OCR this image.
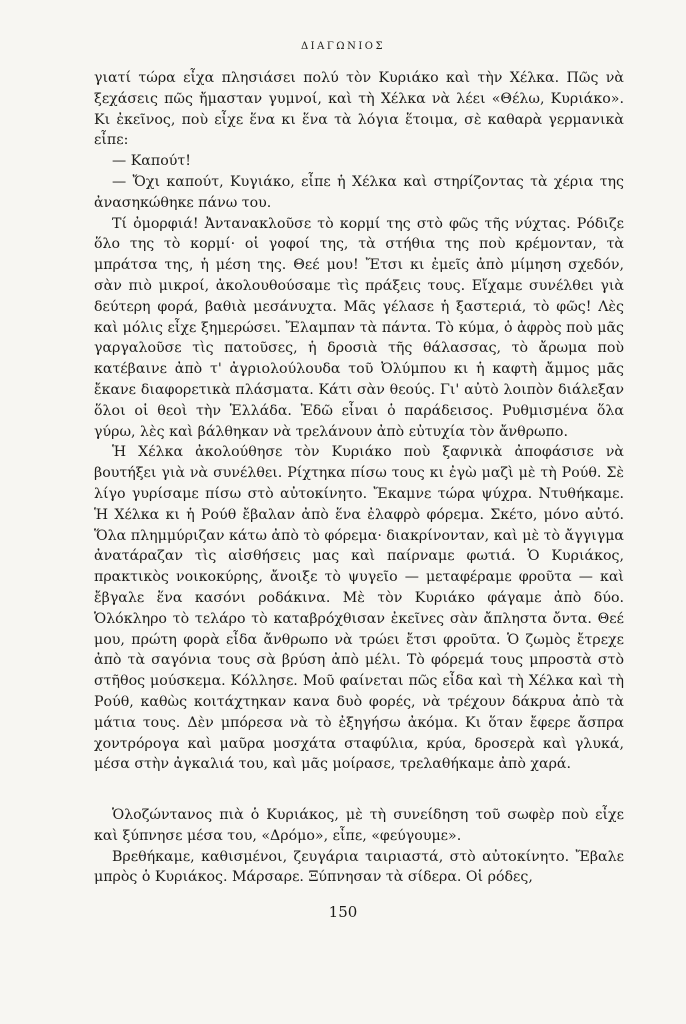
ΔΙΑΓΩΝΙΟΣ

γιατί τώρα εἶχα πλησιάσει πολύ τὸν Κυριάκο καὶ τὴν Χέλκα. Πῶς νὰ ξεχάσεις πῶς ἤμασταν γυμνοί, καὶ τὴ Χέλκα νὰ λέει «Θέλω, Κυριάκο». Κι ἐκεῖνος, ποὺ εἶχε ἕνα κι ἕνα τὰ λόγια ἕτοιμα, σὲ καθαρὰ γερμανικὰ εἶπε:

— Καπούτ!

— Ὄχι καπούτ, Κυγιάκο, εἶπε ἡ Χέλκα καὶ στηρίζοντας τὰ χέρια της ἀνασηκώθηκε πάνω του.

Τί ὀμορφιά! Ἀντανακλοῦσε τὸ κορμί της στὸ φῶς τῆς νύχτας. Ρόδιζε ὅλο της τὸ κορμί· οἱ γοφοί της, τὰ στήθια της ποὺ κρέμονταν, τὰ μπράτσα της, ἡ μέση της. Θεέ μου! Ἔτσι κι ἐμεῖς ἀπὸ μίμηση σχεδόν, σὰν πιὸ μικροί, ἀκολουθούσαμε τὶς πράξεις τους. Εἴχαμε συνέλθει γιὰ δεύτερη φορά, βαθιὰ μεσάνυχτα. Μᾶς γέλασε ἡ ξαστεριά, τὸ φῶς! Λὲς καὶ μόλις εἶχε ξημερώσει. Ἔλαμπαν τὰ πάντα. Τὸ κύμα, ὁ ἀφρὸς ποὺ μᾶς γαργαλοῦσε τὶς πατοῦσες, ἡ δροσιὰ τῆς θάλασσας, τὸ ἄρωμα ποὺ κατέβαινε ἀπὸ τ' ἀγριολούλουδα τοῦ Ὀλύμπου κι ἡ καφτὴ ἄμμος μᾶς ἔκανε διαφορετικὰ πλάσματα. Κάτι σὰν θεούς. Γι' αὐτὸ λοιπὸν διάλεξαν ὅλοι οἱ θεοὶ τὴν Ἑλλάδα. Ἐδῶ εἶναι ὁ παράδεισος. Ρυθμισμένα ὅλα γύρω, λὲς καὶ βάλθηκαν νὰ τρελάνουν ἀπὸ εὐτυχία τὸν ἄνθρωπο.

Ἡ Χέλκα ἀκολούθησε τὸν Κυριάκο ποὺ ξαφνικὰ ἀποφάσισε νὰ βουτήξει γιὰ νὰ συνέλθει. Ρίχτηκα πίσω τους κι ἐγὼ μαζὶ μὲ τὴ Ρούθ. Σὲ λίγο γυρίσαμε πίσω στὸ αὐτοκίνητο. Ἔκαμνε τώρα ψύχρα. Ντυθήκαμε. Ἡ Χέλκα κι ἡ Ρούθ ἔβαλαν ἀπὸ ἕνα ἐλαφρὸ φόρεμα. Σκέτο, μόνο αὐτό. Ὅλα πλημμύριζαν κάτω ἀπὸ τὸ φόρεμα· διακρίνονταν, καὶ μὲ τὸ ἄγγιγμα ἀνατάραζαν τὶς αἰσθήσεις μας καὶ παίρναμε φωτιά. Ὁ Κυριάκος, πρακτικὸς νοικοκύρης, ἄνοιξε τὸ ψυγεῖο — μεταφέραμε φροῦτα — καὶ ἔβγαλε ἕνα κασόνι ροδάκινα. Μὲ τὸν Κυριάκο φάγαμε ἀπὸ δύο. Ὁλόκληρο τὸ τελάρο τὸ καταβρόχθισαν ἐκεῖνες σὰν ἄπληστα ὄντα. Θεέ μου, πρώτη φορὰ εἶδα ἄνθρωπο νὰ τρώει ἔτσι φροῦτα. Ὁ ζωμὸς ἔτρεχε ἀπὸ τὰ σαγόνια τους σὰ βρύση ἀπὸ μέλι. Τὸ φόρεμά τους μπροστὰ στὸ στῆθος μούσκεμα. Κόλλησε. Μοῦ φαίνεται πῶς εἶδα καὶ τὴ Χέλκα καὶ τὴ Ρούθ, καθὼς κοιτάχτηκαν κανα δυὸ φορές, νὰ τρέχουν δάκρυα ἀπὸ τὰ μάτια τους. Δὲν μπόρεσα νὰ τὸ ἐξηγήσω ἀκόμα. Κι ὅταν ἔφερε ἄσπρα χοντρόρογα καὶ μαῦρα μοσχάτα σταφύλια, κρύα, δροσερὰ καὶ γλυκά, μέσα στὴν ἀγκαλιά του, καὶ μᾶς μοίρασε, τρελαθήκαμε ἀπὸ χαρά.

Ὁλοζώντανος πιὰ ὁ Κυριάκος, μὲ τὴ συνείδηση τοῦ σωφὲρ ποὺ εἶχε καὶ ξύπνησε μέσα του, «Δρόμο», εἶπε, «φεύγουμε».

Βρεθήκαμε, καθισμένοι, ζευγάρια ταιριαστά, στὸ αὐτοκίνητο. Ἔβαλε μπρὸς ὁ Κυριάκος. Μάρσαρε. Ξύπνησαν τὰ σίδερα. Οἱ ρόδες,

150
